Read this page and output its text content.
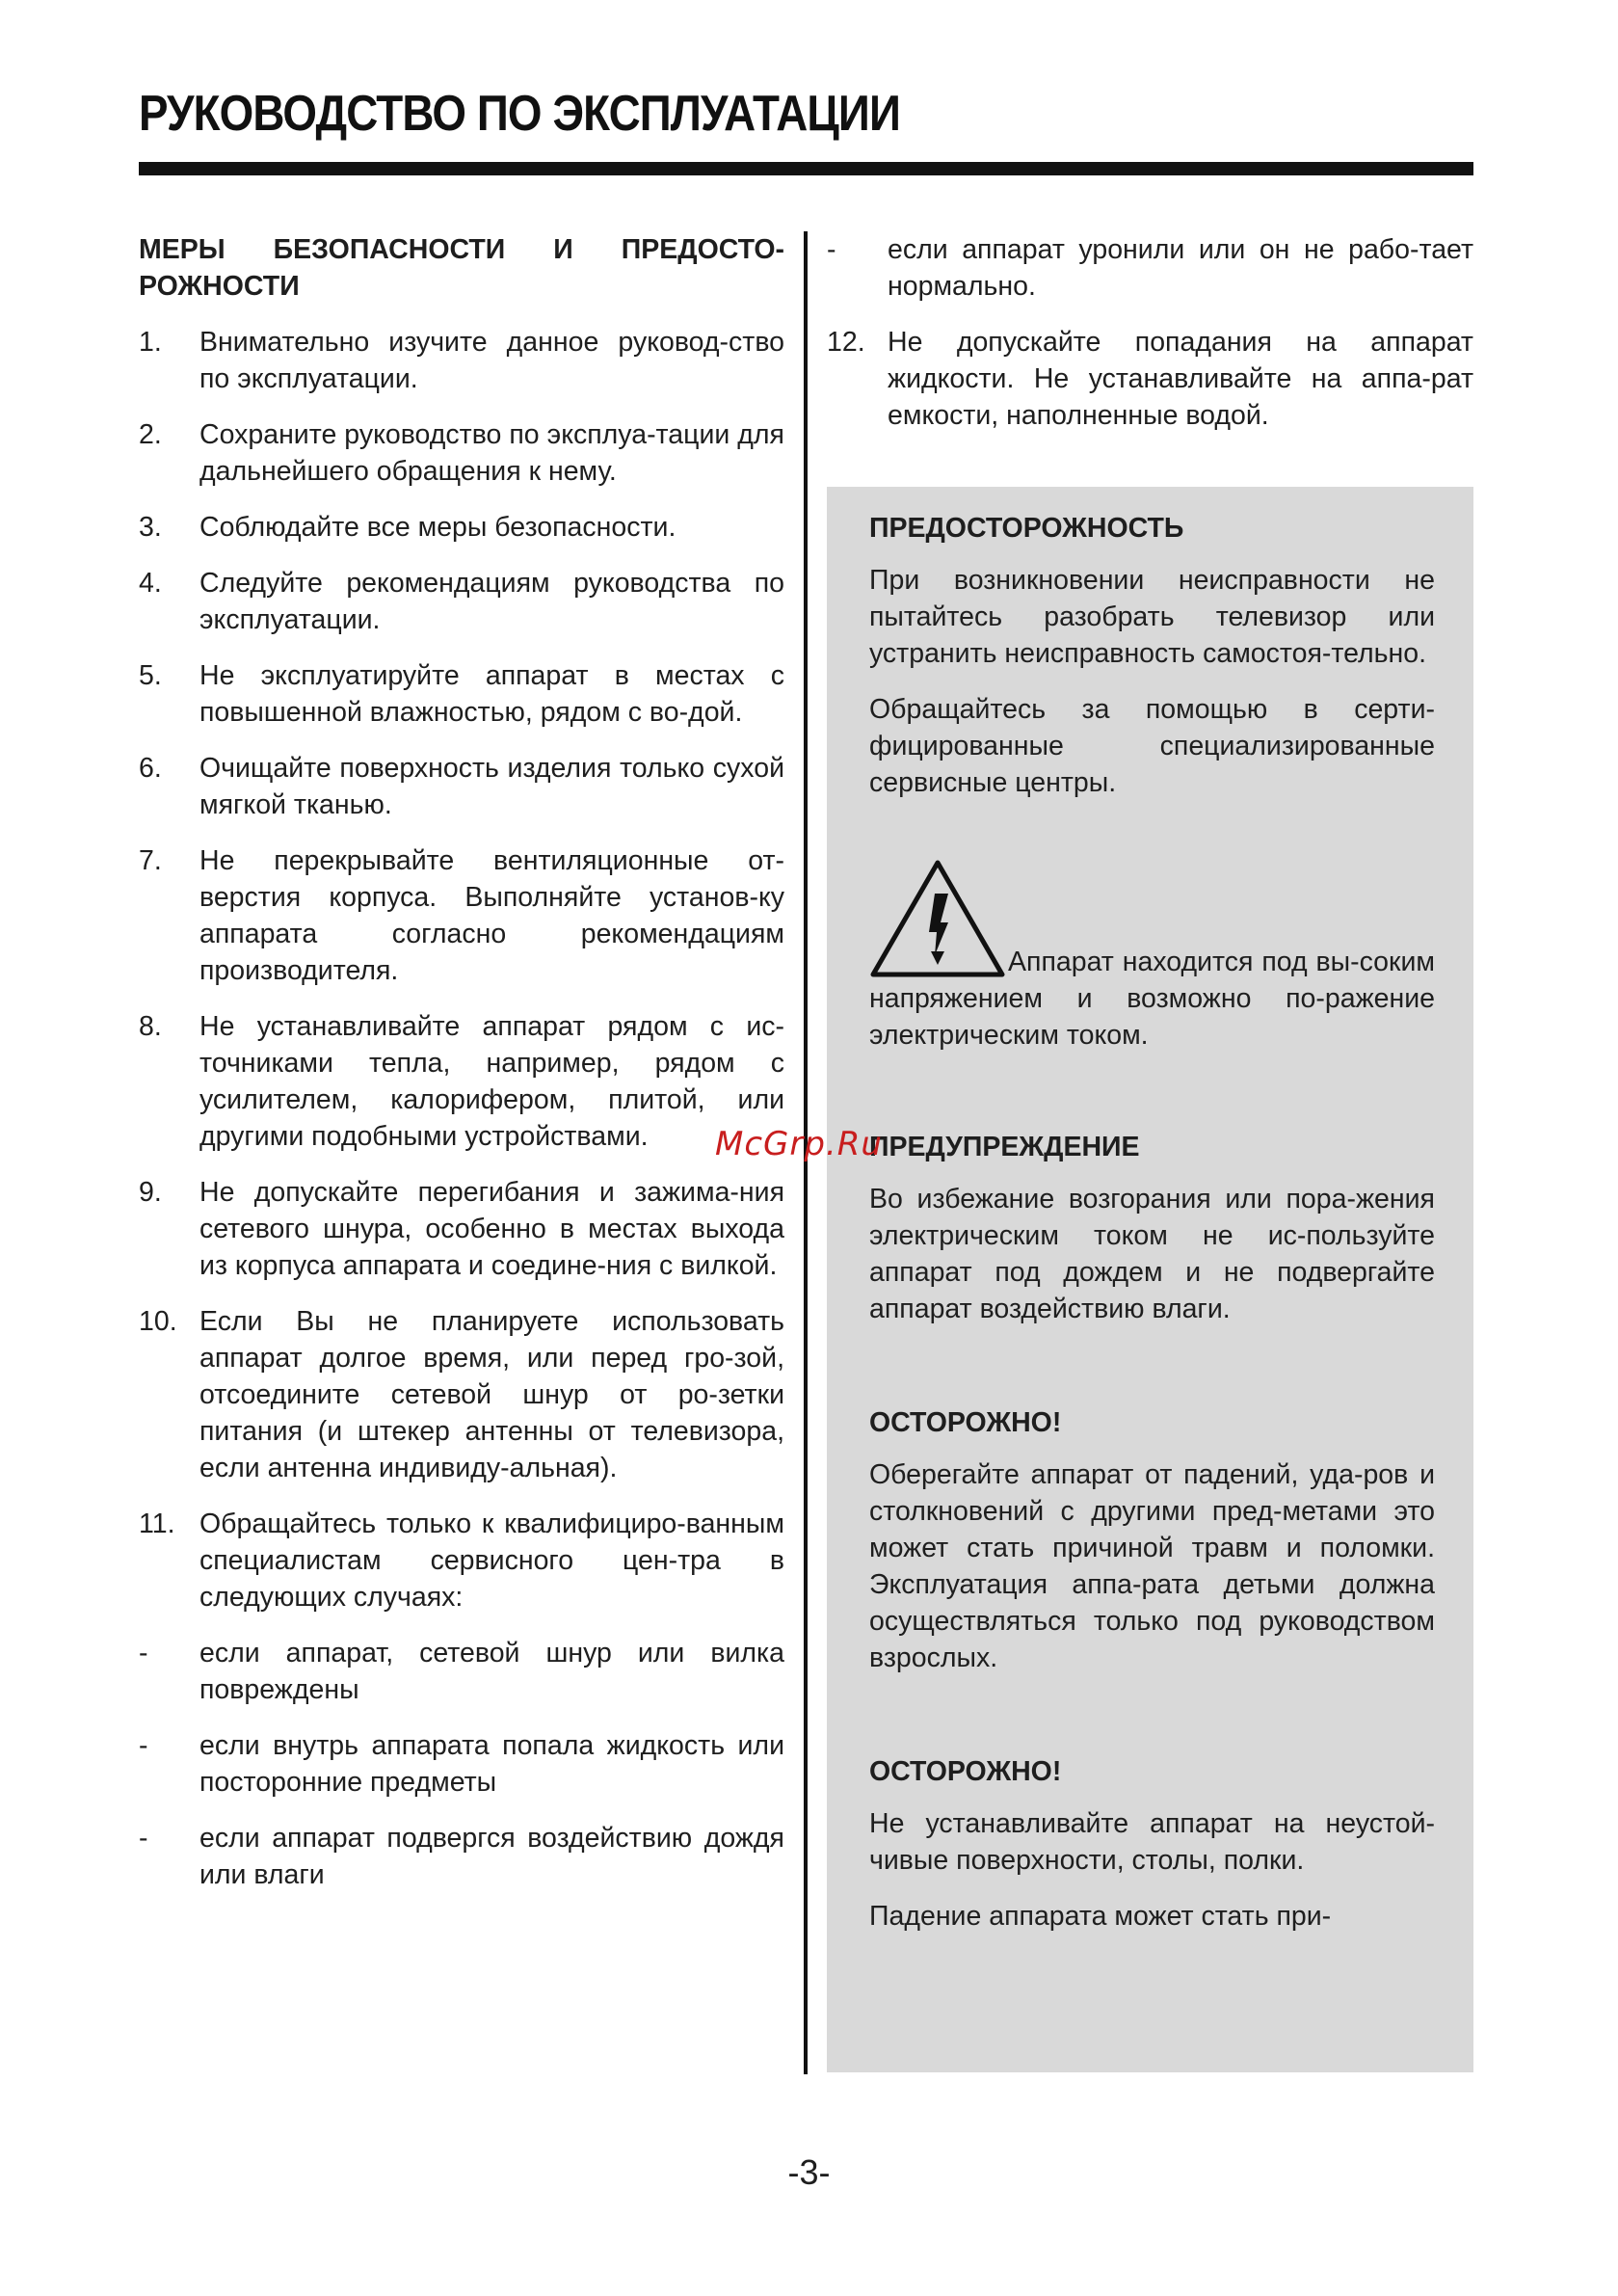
РУКОВОДСТВО ПО ЭКСПЛУАТАЦИИ
МЕРЫ БЕЗОПАСНОСТИ И ПРЕДОСТО-РОЖНОСТИ
1.	Внимательно изучите данное руковод-ство по эксплуатации.
2.	Сохраните руководство по эксплуа-тации для дальнейшего обращения к нему.
3.	Соблюдайте все меры безопасности.
4.	Следуйте рекомендациям руководства по эксплуатации.
5.	Не эксплуатируйте аппарат в местах с повышенной влажностью, рядом с во-дой.
6.	Очищайте поверхность изделия только сухой мягкой тканью.
7.	Не перекрывайте вентиляционные от-верстия корпуса. Выполняйте установ-ку аппарата согласно рекомендациям производителя.
8.	Не устанавливайте аппарат рядом с ис-точниками тепла, например, рядом с усилителем, калорифером, плитой, или другими подобными устройствами.
9.	Не допускайте перегибания и зажима-ния сетевого шнура, особенно в местах выхода из корпуса аппарата и соедине-ния с вилкой.
10. Если Вы не планируете использовать аппарат долгое время, или перед гро-зой, отсоедините сетевой шнур от ро-зетки питания (и штекер антенны от телевизора, если антенна индивиду-альная).
11. Обращайтесь только к квалифициро-ванным специалистам сервисного цен-тра в следующих случаях:
-	если аппарат, сетевой шнур или вилка повреждены
-	если внутрь аппарата попала жидкость или посторонние предметы
-	если аппарат подвергся воздействию дождя или влаги
-	если аппарат уронили или он не рабо-тает нормально.
12. Не допускайте попадания на аппарат жидкости. Не устанавливайте на аппа-рат емкости, наполненные водой.
ПРЕДОСТОРОЖНОСТЬ

При возникновении неисправности не пытайтесь разобрать телевизор или устранить неисправность самостоя-тельно.

Обращайтесь за помощью в серти-фицированные специализированные сервисные центры.

Аппарат находится под вы-соким напряжением и возможно по-ражение электрическим током.

ПРЕДУПРЕЖДЕНИЕ

Во избежание возгорания или пора-жения электрическим током не ис-пользуйте аппарат под дождем и не подвергайте аппарат воздействию влаги.

ОСТОРОЖНО!

Оберегайте аппарат от падений, уда-ров и столкновений с другими пред-метами это может стать причиной травм и поломки. Эксплуатация аппа-рата детьми должна осуществляться только под руководством взрослых.

ОСТОРОЖНО!

Не устанавливайте аппарат на неустой-чивые поверхности, столы, полки.

Падение аппарата может стать при-

McGrp.Ru
-3-
